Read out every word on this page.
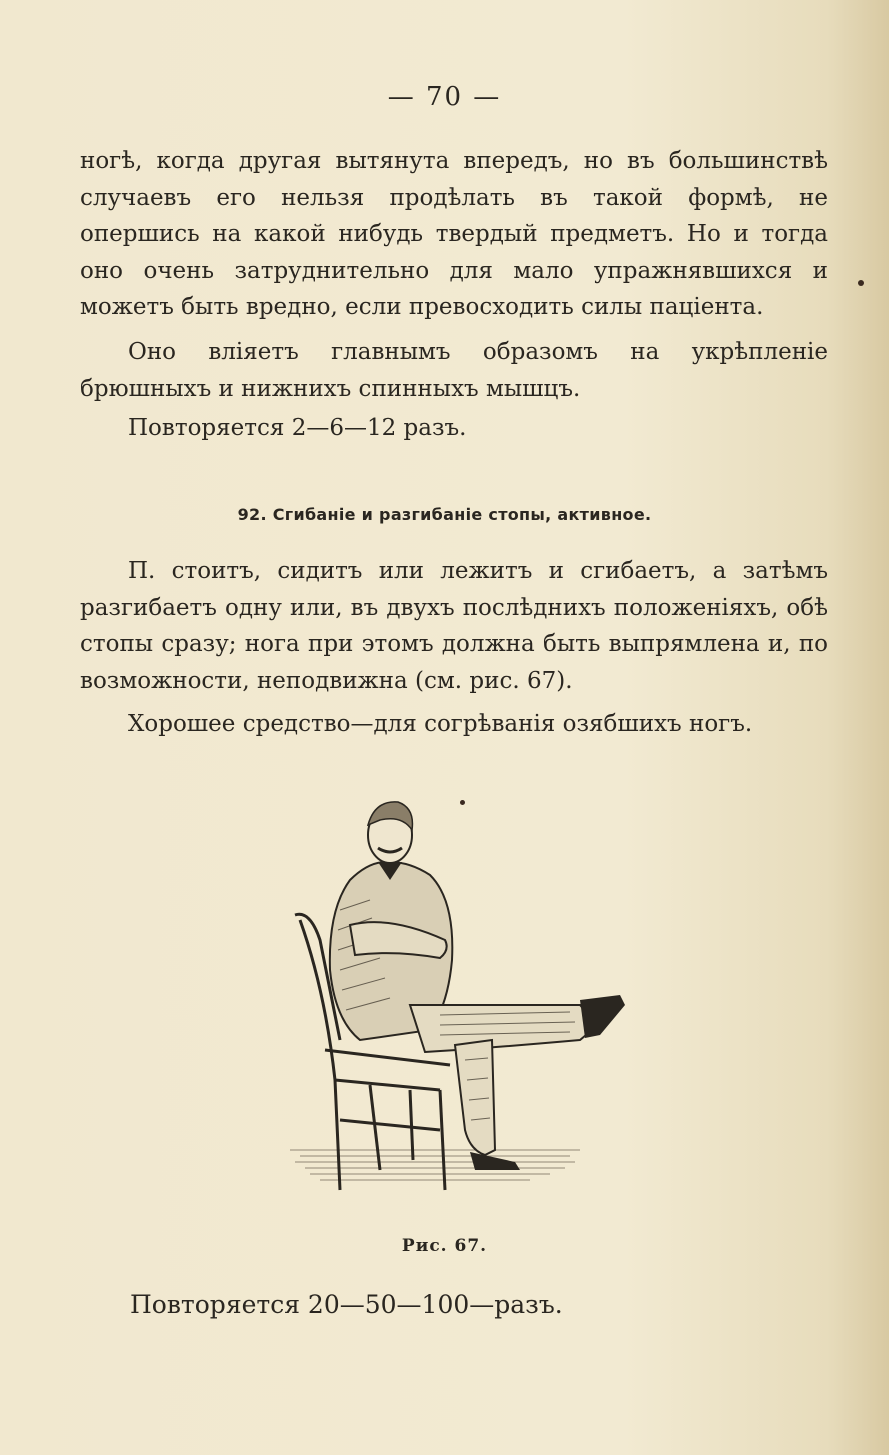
— 70 —

ногѣ, когда другая вытянута впередъ, но въ большинствѣ случаевъ его нельзя продѣлать въ такой формѣ, не опершись на какой нибудь твердый предметъ. Но и тогда оно очень затруднительно для мало упражнявшихся и можетъ быть вредно, если превосходить силы паціента.

Оно вліяетъ главнымъ образомъ на укрѣпленіе брюшныхъ и нижнихъ спинныхъ мышцъ.

Повторяется 2—6—12 разъ.

92. Сгибаніе и разгибаніе стопы, активное.

П. стоитъ, сидитъ или лежитъ и сгибаетъ, а затѣмъ разгибаетъ одну или, въ двухъ послѣднихъ положеніяхъ, обѣ стопы сразу; нога при этомъ должна быть выпрямлена и, по возможности, неподвижна (см. рис. 67).

Хорошее средство—для согрѣванія озябшихъ ногъ.

Рис. 67.
Повторяется 20—50—100—разъ.
